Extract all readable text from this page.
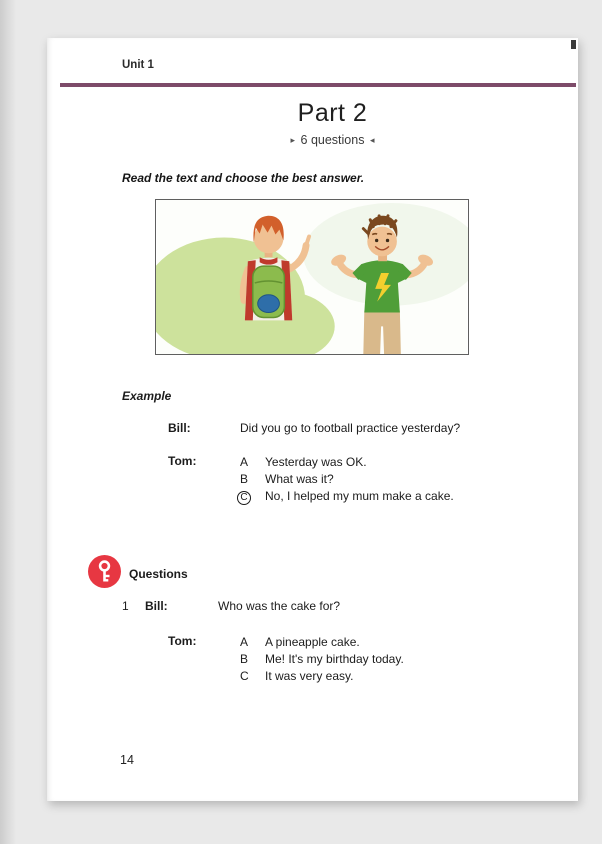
Unit 1
Part 2
▸ 6 questions ◂
Read the text and choose the best answer.
Example
Bill:	Did you go to football practice yesterday?
Tom:	A	Yesterday was OK.
B	What was it?
C	No, I helped my mum make a cake.
Questions
1	Bill:	Who was the cake for?
Tom:	A	A pineapple cake.
B	Me! It's my birthday today.
C	It was very easy.
14
